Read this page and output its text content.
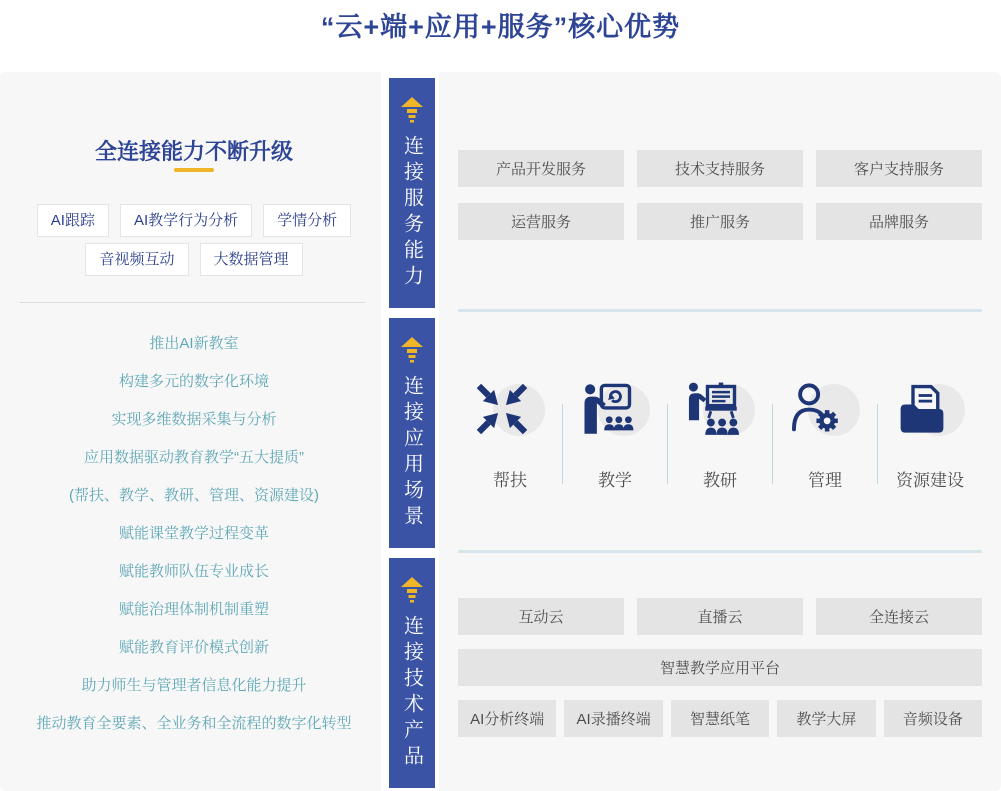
“云+端+应用+服务”核心优势
全连接能力不断升级
AI跟踪	AI教学行为分析	学情分析
音视频互动	大数据管理
推出AI新教室
构建多元的数字化环境
实现多维数据采集与分析
应用数据驱动教育教学“五大提质”
(帮扶、教学、教研、管理、资源建设)
赋能课堂教学过程变革
赋能教师队伍专业成长
赋能治理体制机制重塑
赋能教育评价模式创新
助力师生与管理者信息化能力提升
推动教育全要素、全业务和全流程的数字化转型
连接服务能力
连接应用场景
连接技术产品
产品开发服务	技术支持服务	客户支持服务
运营服务	推广服务	品牌服务
帮扶	教学	教研	管理	资源建设
互动云	直播云	全连接云
智慧教学应用平台
AI分析终端	AI录播终端	智慧纸笔	教学大屏	音频设备
